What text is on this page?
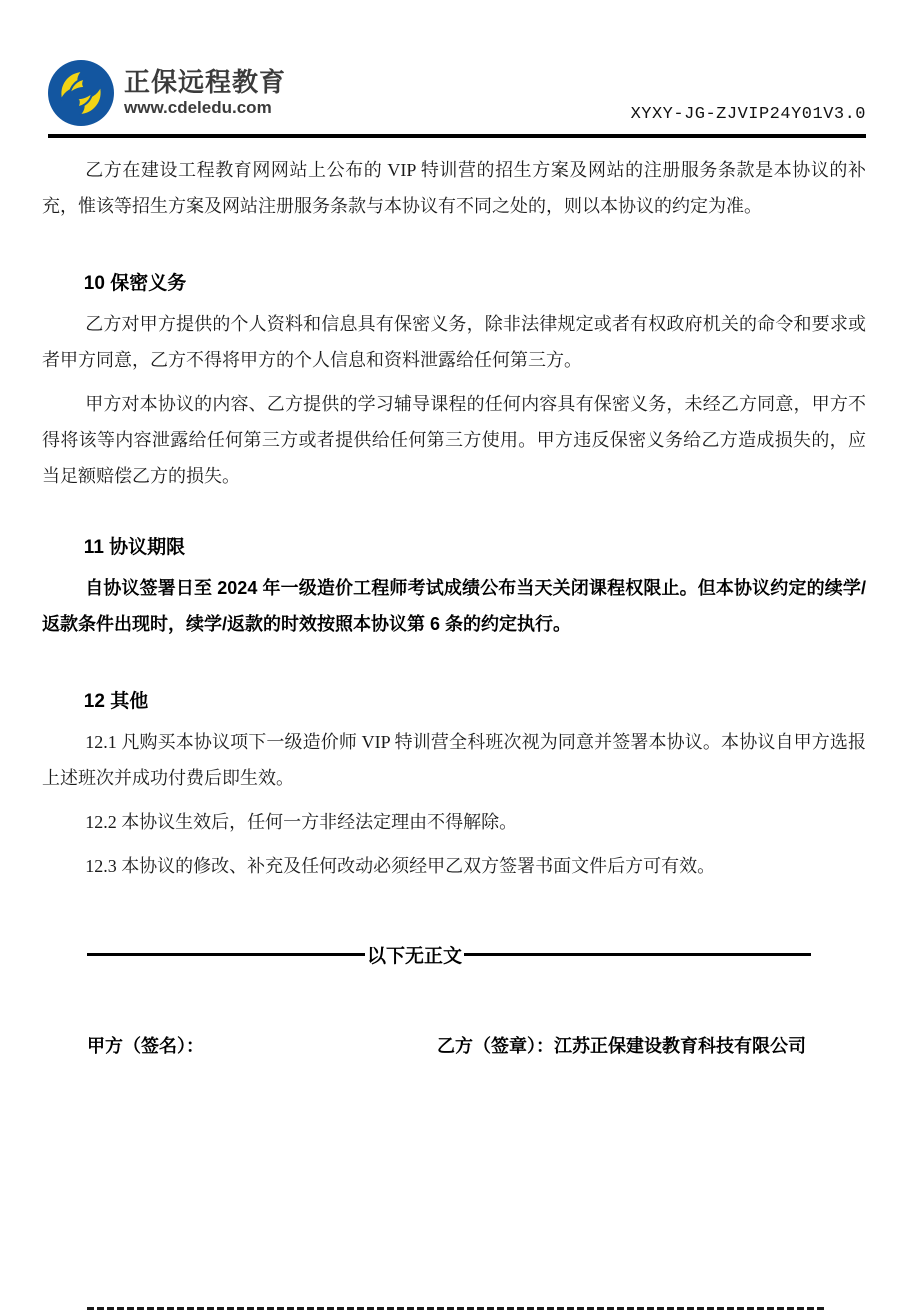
正保远程教育
www.cdeledu.com	XYXY-JG-ZJVIP24Y01V3.0

乙方在建设工程教育网网站上公布的 VIP 特训营的招生方案及网站的注册服务条款是本协议的补充，惟该等招生方案及网站注册服务条款与本协议有不同之处的，则以本协议的约定为准。

10 保密义务

乙方对甲方提供的个人资料和信息具有保密义务，除非法律规定或者有权政府机关的命令和要求或者甲方同意，乙方不得将甲方的个人信息和资料泄露给任何第三方。

甲方对本协议的内容、乙方提供的学习辅导课程的任何内容具有保密义务，未经乙方同意，甲方不得将该等内容泄露给任何第三方或者提供给任何第三方使用。甲方违反保密义务给乙方造成损失的，应当足额赔偿乙方的损失。

11 协议期限

自协议签署日至 2024 年一级造价工程师考试成绩公布当天关闭课程权限止。但本协议约定的续学/返款条件出现时，续学/返款的时效按照本协议第 6 条的约定执行。

12 其他

12.1 凡购买本协议项下一级造价师 VIP 特训营全科班次视为同意并签署本协议。本协议自甲方选报上述班次并成功付费后即生效。

12.2 本协议生效后，任何一方非经法定理由不得解除。

12.3 本协议的修改、补充及任何改动必须经甲乙双方签署书面文件后方可有效。

以下无正文
甲方（签名）：	乙方（签章）：江苏正保建设教育科技有限公司
